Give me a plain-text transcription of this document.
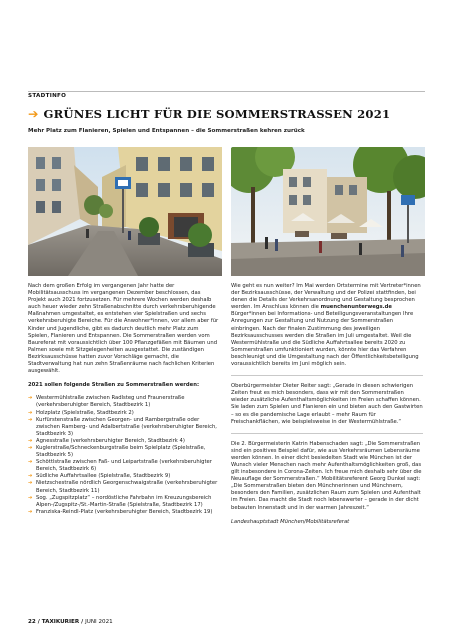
STADTINFO
➔ GRÜNES LICHT FÜR DIE SOMMERSTRASSEN 2021
Mehr Platz zum Flanieren, Spielen und Entspannen – die Sommerstraßen kehren zurück

Nach dem großen Erfolg im vergangenen Jahr hatte der Mobilitätsausschuss im vergangenen Dezember beschlossen, das Projekt auch 2021 fortzusetzen. Für mehrere Wochen werden deshalb auch heuer wieder zehn Straßenabschnitte durch verkehrsberuhigende Maßnahmen umgestaltet, es entstehen vier Spielstraßen und sechs verkehrsberuhigte Bereiche. Für die Anwohner*innen, vor allem aber für Kinder und Jugendliche, gibt es dadurch deutlich mehr Platz zum Spielen, Flanieren und Entspannen. Die Sommerstraßen werden vom Baureferat mit voraussichtlich über 100 Pflanzgefäßen mit Bäumen und Palmen sowie mit Sitzgelegenheiten ausgestattet. Die zuständigen Bezirksausschüsse hatten zuvor Vorschläge gemacht, die Stadtverwaltung hat nun zehn Straßenräume nach fachlichen Kriterien ausgewählt.

2021 sollen folgende Straßen zu Sommerstraßen werden:

➔ Westermühlstraße zwischen Radlsteg und Fraunerstraße (verkehrsberuhigter Bereich, Stadtbezirk 1)
➔ Holzplatz (Spielstraße, Stadtbezirk 2)
➔ Kurfürstenstraße zwischen Georgen- und Rambergstraße oder zwischen Ramberg- und Adalbertstraße (verkehrsberuhigter Bereich, Stadtbezirk 3)
➔ Agnesstraße (verkehrsberuhigter Bereich, Stadtbezirk 4)
➔ Kuglerstraße/Schneckenburgstraße beim Spielplatz (Spielstraße, Stadtbezirk 5)
➔ Schöttlstraße zwischen Faß- und Leipartstraße (verkehrsberuhigter Bereich, Stadtbezirk 6)
➔ Südliche Auffahrtsallee (Spielstraße, Stadtbezirk 9)
➔ Nietzschestraße nördlich Georgenschwaigstraße (verkehrsberuhigter Bereich, Stadtbezirk 11)
➔ Sog. „Zugspitzplatz“ – nordöstliche Fahrbahn im Kreuzungsbereich Alpen-/Zugspitz-/St.-Martin-Straße (Spielstraße, Stadtbezirk 17)
➔ Franziska-Reindl-Platz (verkehrsberuhigter Bereich, Stadtbezirk 19)

Wie geht es nun weiter? Im Mai werden Ortstermine mit Vertreter*innen der Bezirksausschüsse, der Verwaltung und der Polizei stattfinden, bei denen die Details der Verkehrsanordnung und Gestaltung besprochen werden. Im Anschluss können die muenchenunterwegs.de Bürger*innen bei Informations- und Beteiligungsveranstaltungen Ihre Anregungen zur Gestaltung und Nutzung der Sommerstraßen einbringen. Nach der finalen Zustimmung des jeweiligen Bezirksausschusses werden die Straßen im Juli umgestaltet. Weil die Westermühlstraße und die Südliche Auffahrtsallee bereits 2020 zu Sommerstraßen umfunktioniert wurden, könnte hier das Verfahren beschleunigt und die Umgestaltung nach der Öffentlichkeitsbeteiligung voraussichtlich bereits im Juni möglich sein.

Oberbürgermeister Dieter Reiter sagt: „Gerade in diesen schwierigen Zeiten freut es mich besonders, dass wir mit den Sommerstraßen wieder zusätzliche Aufenthaltsmöglichkeiten im Freien schaffen können. Sie laden zum Spielen und Flanieren ein und bieten auch den Gastwirten – so es die pandemische Lage erlaubt – mehr Raum für Freischankflächen, wie beispielsweise in der Westermühlstraße.“

Die 2. Bürgermeisterin Katrin Habenschaden sagt: „Die Sommerstraßen sind ein positives Beispiel dafür, wie aus Verkehrsräumen Lebensräume werden können. In einer dicht besiedelten Stadt wie München ist der Wunsch vieler Menschen nach mehr Aufenthaltsmöglichkeiten groß, das gilt insbesondere in Corona-Zeiten. Ich freue mich deshalb sehr über die Neuauflage der Sommerstraßen.“ Mobilitätsreferent Georg Dunkel sagt: „Die Sommerstraßen bieten den Münchnerinnen und Münchnern, besonders den Familien, zusätzlichen Raum zum Spielen und Aufenthalt im Freien. Das macht die Stadt noch lebenswerter – gerade in der dicht bebauten Innenstadt und in der warmen Jahreszeit.“

Landeshauptstadt München/Mobilitätsreferat

22 / TAXIKURIER / JUNI 2021
